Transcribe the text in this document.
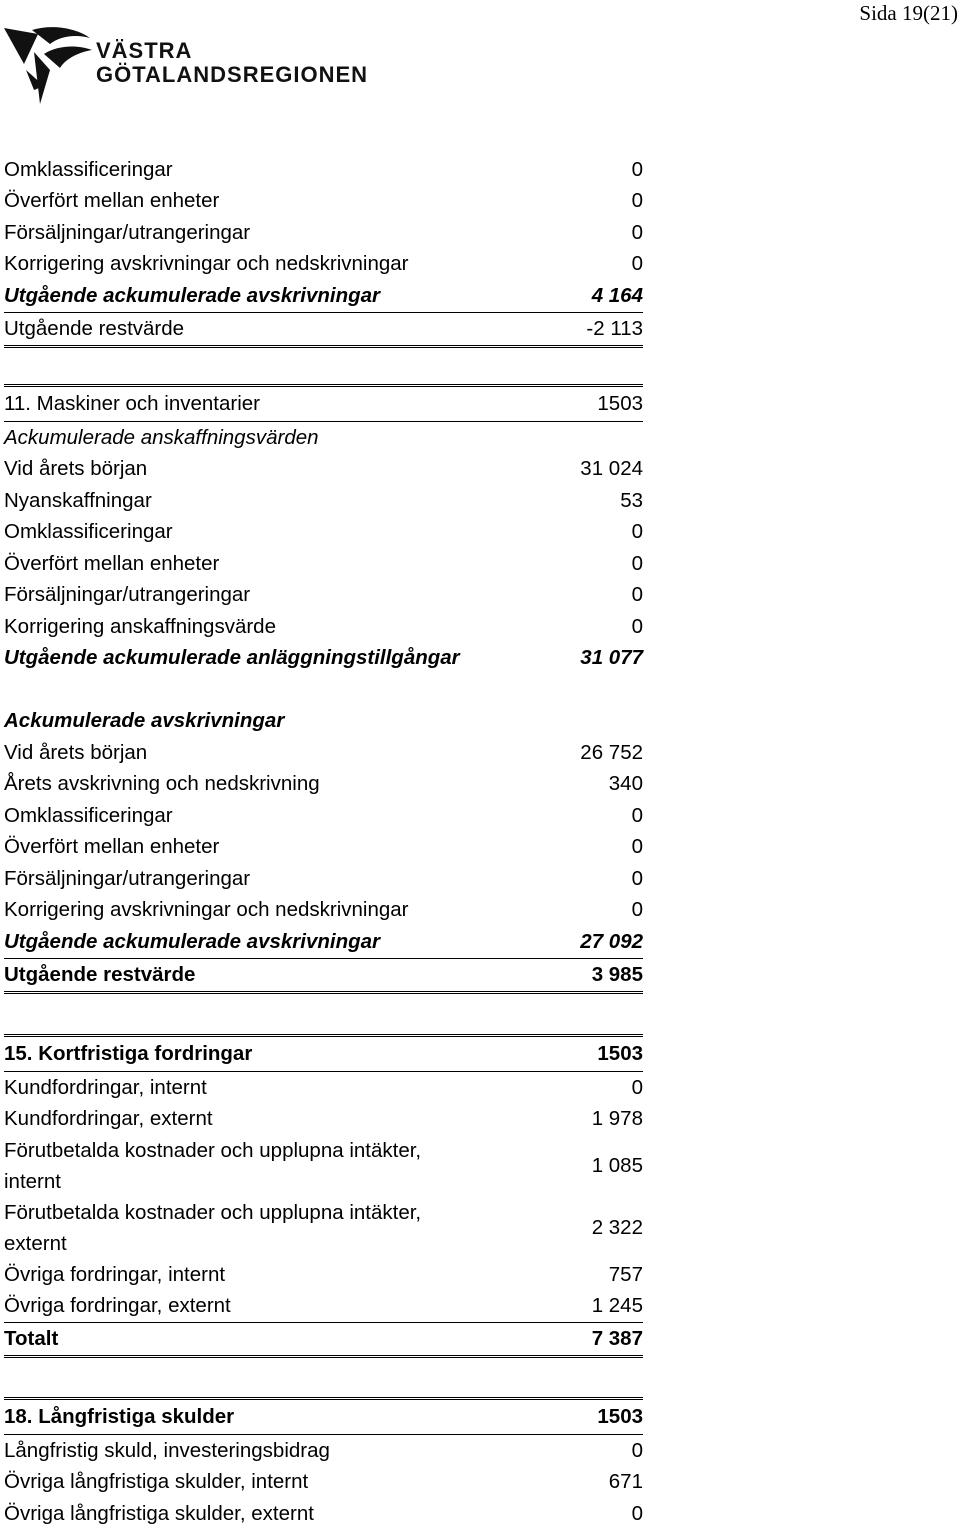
Sida 19(21)
VÄSTRA
GÖTALANDSREGIONEN
Omklassificeringar	0
Överfört mellan enheter	0
Försäljningar/utrangeringar	0
Korrigering avskrivningar och nedskrivningar	0
Utgående ackumulerade avskrivningar	4 164
Utgående restvärde	-2 113
11. Maskiner och inventarier	1503
Ackumulerade anskaffningsvärden
Vid årets början	31 024
Nyanskaffningar	53
Omklassificeringar	0
Överfört mellan enheter	0
Försäljningar/utrangeringar	0
Korrigering anskaffningsvärde	0
Utgående ackumulerade anläggningstillgångar	31 077
Ackumulerade avskrivningar
Vid årets början	26 752
Årets avskrivning och nedskrivning	340
Omklassificeringar	0
Överfört mellan enheter	0
Försäljningar/utrangeringar	0
Korrigering avskrivningar och nedskrivningar	0
Utgående ackumulerade avskrivningar	27 092
Utgående restvärde	3 985
15. Kortfristiga fordringar	1503
Kundfordringar, internt	0
Kundfordringar, externt	1 978
Förutbetalda kostnader och upplupna intäkter,
internt
1 085
Förutbetalda kostnader och upplupna intäkter,
externt
2 322
Övriga fordringar, internt	757
Övriga fordringar, externt	1 245
Totalt	7 387
18. Långfristiga skulder	1503
Långfristig skuld, investeringsbidrag	0
Övriga långfristiga skulder, internt	671
Övriga långfristiga skulder, externt	0
